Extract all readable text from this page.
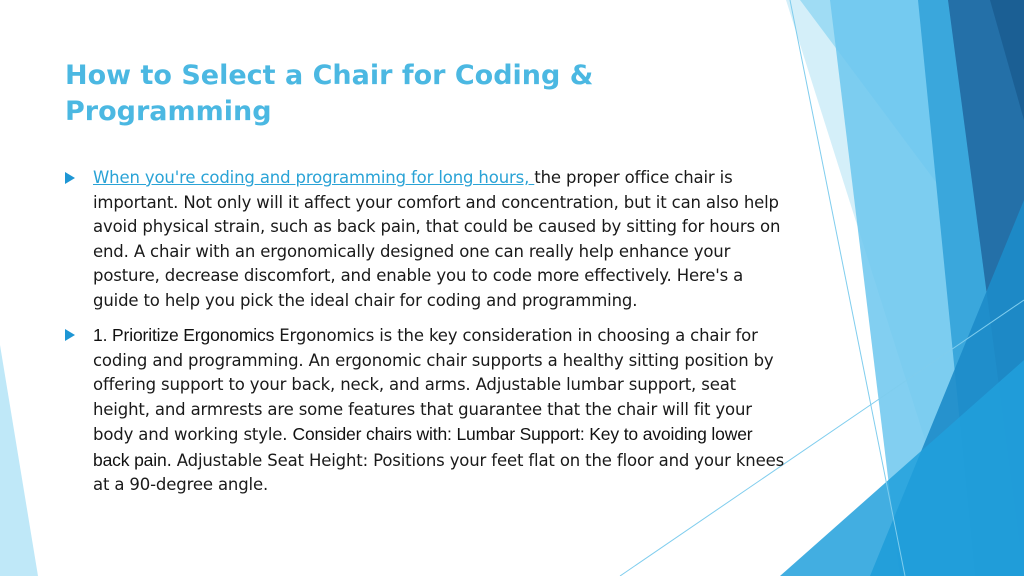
How to Select a Chair for Coding & Programming
When you're coding and programming for long hours, the proper office chair is important. Not only will it affect your comfort and concentration, but it can also help avoid physical strain, such as back pain, that could be caused by sitting for hours on end. A chair with an ergonomically designed one can really help enhance your posture, decrease discomfort, and enable you to code more effectively. Here's a guide to help you pick the ideal chair for coding and programming.
1. Prioritize Ergonomics Ergonomics is the key consideration in choosing a chair for coding and programming. An ergonomic chair supports a healthy sitting position by offering support to your back, neck, and arms. Adjustable lumbar support, seat height, and armrests are some features that guarantee that the chair will fit your body and working style. Consider chairs with: Lumbar Support: Key to avoiding lower back pain. Adjustable Seat Height: Positions your feet flat on the floor and your knees at a 90-degree angle.
